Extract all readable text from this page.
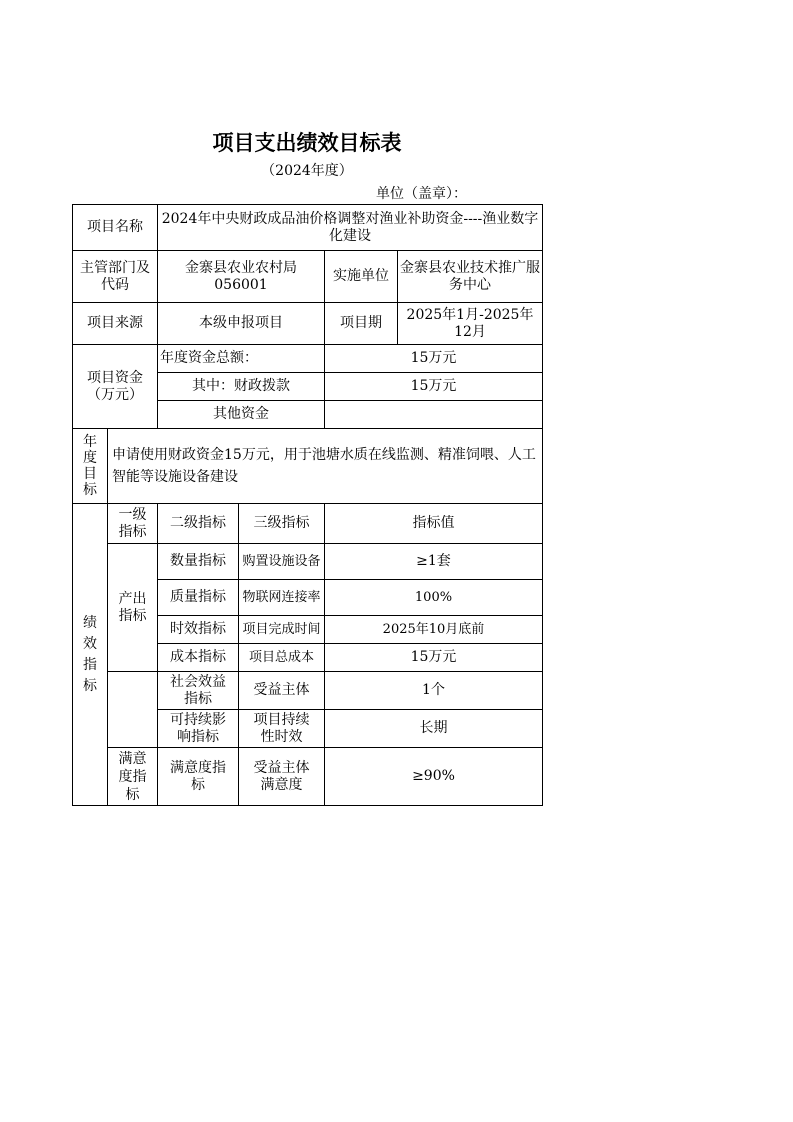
项目支出绩效目标表
（2024年度）
单位（盖章）：
项目名称		2024年中央财政成品油价格调整对渔业补助资金----渔业数字化建设			
主管部门及代码		金寨县农业农村局056001		实施单位	金寨县农业技术推广服务中心
项目来源		本级申报项目		项目期	2025年1月-2025年12月
项目资金（万元）		年度资金总额：		15万元	
		其中：财政拨款		15万元	
		其他资金			
年度目标	申请使用财政资金15万元，用于池塘水质在线监测、精准饲喂、人工智能等设施设备建设				
绩效指标	一级指标	二级指标	三级指标	指标值	
	产出指标	数量指标	购置设施设备	≥1套	
		质量指标	物联网连接率	100%	
		时效指标	项目完成时间	2025年10月底前	
		成本指标	项目总成本	15万元	
		社会效益指标	受益主体	1个	
		可持续影响指标	项目持续性时效	长期	
	满意度指标	满意度指标	受益主体满意度	≥90%	
